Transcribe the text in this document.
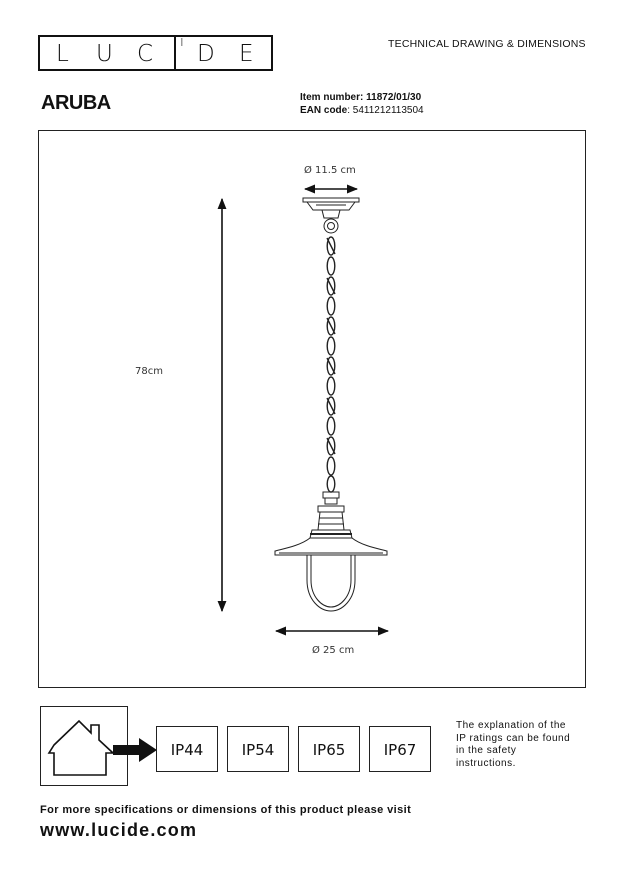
L U C i D E	TECHNICAL DRAWING & DIMENSIONS
ARUBA	Item number: 11872/01/30
EAN code: 5411212113504
Ø 11.5 cm
78cm
Ø 25 cm
IP44	IP54	IP65	IP67
The explanation of the
IP ratings can be found
in the safety
instructions.
For more specifications or dimensions of this product please visit
www.lucide.com
